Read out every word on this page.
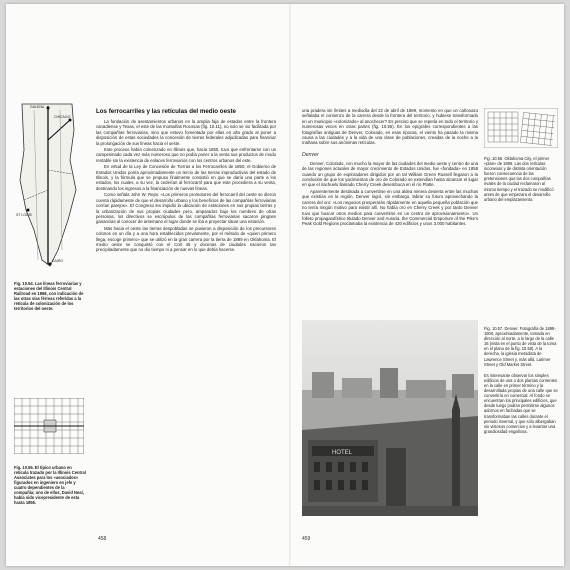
GALENA
CHICAGO
ST LOUIS
CAIRO

Fig. 10.54. Las líneas ferroviarias y estaciones del Illinois Central Railroad en 1868, con indicación de las otras vías férreas referidas a la retícula de colonización de los territorios del oeste.

Fig. 10.55. El típico urbano en retícula trazado por la Illinois Central Associates para los «asociados» figurados en ingeniero en jefe y cuatro dependientes de la compañía; uno de ellos, David Neal, había sido vicepresidente de esta hasta 1855.

Los ferrocarriles y las retículas del medio oeste

La fundación de asentamientos urbanos en la amplia faja de estados entre la frontera canadiense y Texas, el este de las montañas Rocosas (fig. 10.11), no solo se vio facilitada por las compañías ferroviarias, sino que estuvo fomentada por ellas en alto grado al poner a disposición de estas sociedades la concesión de tierras federales adjudicadas para financiar la prolongación de sus líneas hacia el oeste.

Este proceso había comenzado en Illinois que, hacia 1850, tuvo que enfrentarse con un campesinado cada vez más numeroso que no podía poner a la venta sus productos de modo rentable sin la existencia de enlaces ferroviarios con los centros urbanos del este.

En virtud de la Ley de Concesión de Tierras a los Ferrocarriles de 1850, el Gobierno de Estados Unidos ponía aproximadamente un tercio de las tierras improductivas del estado de Illinois, y la fórmula que se propuso finalmente consistió en que se daría una parte a los estados, los cuales, a su vez, la cederían al ferrocarril para que este procediera a su venta, destinando los ingresos a la financiación de nuevas líneas.

Como señala John W. Reps: «Los primeros promotores del ferrocarril del oeste se dieron cuenta rápidamente de que el desarrollo urbano y los beneficios de las compañías ferroviarias corrían parejos». El Congreso les impidió la ubicación de estaciones en sus propias tierras y la urbanización de sus propias ciudades pero, amparados bajo los nombres de otras personas, los directivos se escrúpulos de las compañías ferroviarias sacaron pingües ganancias al conocer de antemano el lugar donde se iba a proyectar situar una estación.

Más hacia el oeste las tierras despobladas se pusieron a disposición de los precursores colonos en un día y a una hora establecidos previamente, por el método de «quien primero llega, escoge primero» que se utilizó en la gran carrera por la tierra de 1889 en Oklahoma. El medio oeste se conquistó con el Colt 45 y docenas de ciudades nacieron tan precipitadamente que no dio tiempo ni a pensar en lo que debía hacerse.

458

una pradera sin límites a mediodía del 22 de abril de 1889, momento en que un cañonazo señalaba el comienzo de la carrera desde la frontera del territorio, y hubiese transformado en un municipio «colonizado» al anochecer? Es preciso que se repetía en todo el territorio y numerosas veces en otras partes (fig. 10.56). En los epígrafes correspondientes a las fotografías antiguas de Denver, Colorado, en esas épocas, el viento ha pasado la misma causa a las ciudades y a la vida de una clase de poblaciones, creadas de la noche a la mañana sobre sus anónimas retículas.

Denver

Denver, Colorado, con mucho la mayor de las ciudades del medio oeste y centro de una de las regiones actuales de mayor crecimiento de Estados Unidos, fue «fundada» en 1858 cuando un grupo de exploradores dirigidos por un tal William Green Russell llegaron a la conclusión de que los yacimientos de oro de Colorado se extendían hasta alcanzar el lugar en que el riachuelo llamado Cherry Creek desemboca en el río Platte.

Aparentemente destinada a convertirse en una aldea minera desierta entre las muchas que existían en la región, Denver logró, sin embargo, labrar su futuro aprovechando la carrera del oro: «Los negocios prosperarán rápidamente en aquella pequeña población que no tenía ningún motivo para existir allí. No había oro en Cherry Creek y por tanto Denver tuvo que buscar otros medios para convertirse en un centro de aprovisionamiento». Un folleto propagandístico titulado Denver and Auraria, the Commercial Emporium of the Pike's Peak Gold Regions proclamaba la existencia de 420 edificios y unos 3.000 habitantes.

Fig. 10.56. Oklahoma City, el primer «plan» de 1889. Las dos retículas inconexas y de distinta orientación fueron consecuencia de las pretensiones que las dos compañías rivales de la ciudad reclamaron al mismo tiempo y el trazado se modificó antes de que empezara el desarrollo urbano del emplazamiento.

HOTEL

Fig. 10.57. Denver. Fotografía de 1898-1900, aproximadamente, tomada en dirección al norte, a lo largo de la calle 16 (vista en el punto de vista de la toma en el plano de la fig. 10.58). A la derecha, la iglesia metodista de Lawrence Street y, más allá, Larimer Street y Old Market Street.

Es interesante observar los simples edificios de una o dos plantas corrientes en la calle en primer término y la desarrollada propias de una calle que se convertiría en comercial. Al fondo se encuentran los principales edificios, que desde luego podían permitirse algunos adornos en fachadas que se transformaban las calles durante el periodo invernal, y que sólo albergaban sin vistosos comercios y a levantar una grandiosidad engañosa.

459
